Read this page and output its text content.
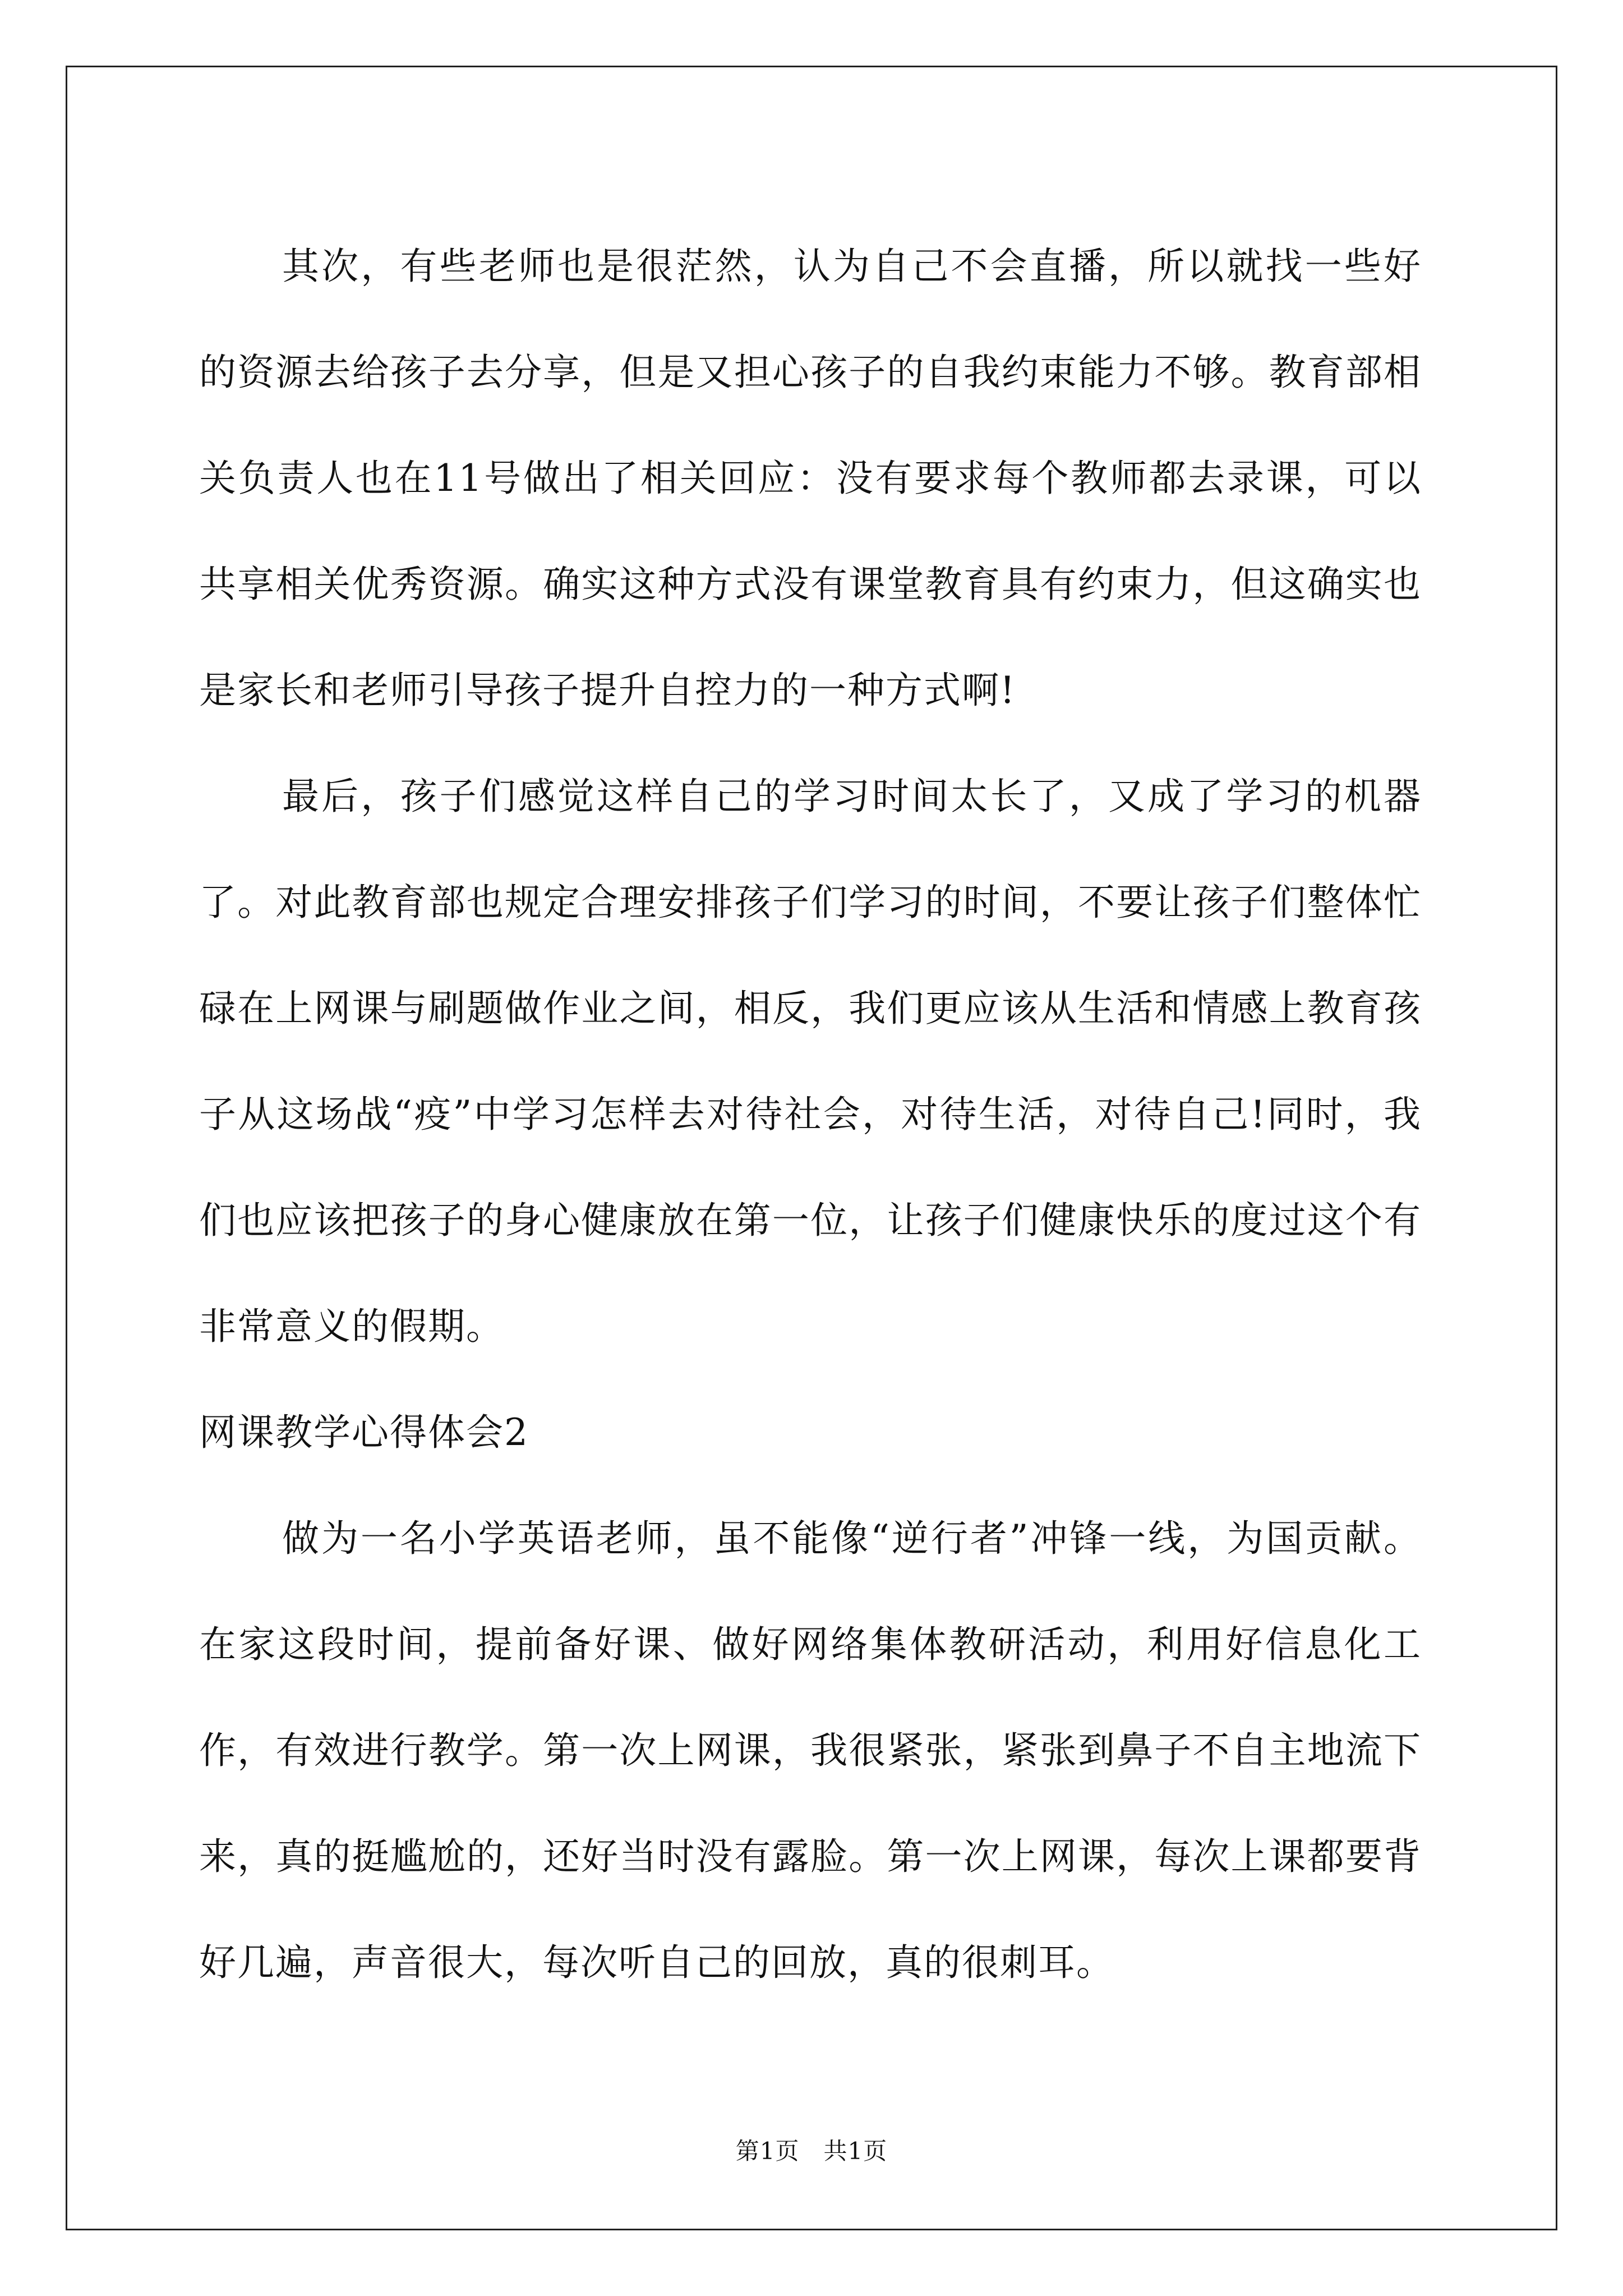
其次，有些老师也是很茫然，认为自己不会直播，所以就找一些好的资源去给孩子去分享，但是又担心孩子的自我约束能力不够。教育部相关负责人也在11号做出了相关回应：没有要求每个教师都去录课，可以共享相关优秀资源。确实这种方式没有课堂教育具有约束力，但这确实也是家长和老师引导孩子提升自控力的一种方式啊!

最后，孩子们感觉这样自己的学习时间太长了，又成了学习的机器了。对此教育部也规定合理安排孩子们学习的时间，不要让孩子们整体忙碌在上网课与刷题做作业之间，相反，我们更应该从生活和情感上教育孩子从这场战“疫”中学习怎样去对待社会，对待生活，对待自己!同时，我们也应该把孩子的身心健康放在第一位，让孩子们健康快乐的度过这个有非常意义的假期。

网课教学心得体会2

做为一名小学英语老师，虽不能像“逆行者”冲锋一线，为国贡献。在家这段时间，提前备好课、做好网络集体教研活动，利用好信息化工作，有效进行教学。第一次上网课，我很紧张，紧张到鼻子不自主地流下来，真的挺尴尬的，还好当时没有露脸。第一次上网课，每次上课都要背好几遍，声音很大，每次听自己的回放，真的很刺耳。

第1页　共1页
